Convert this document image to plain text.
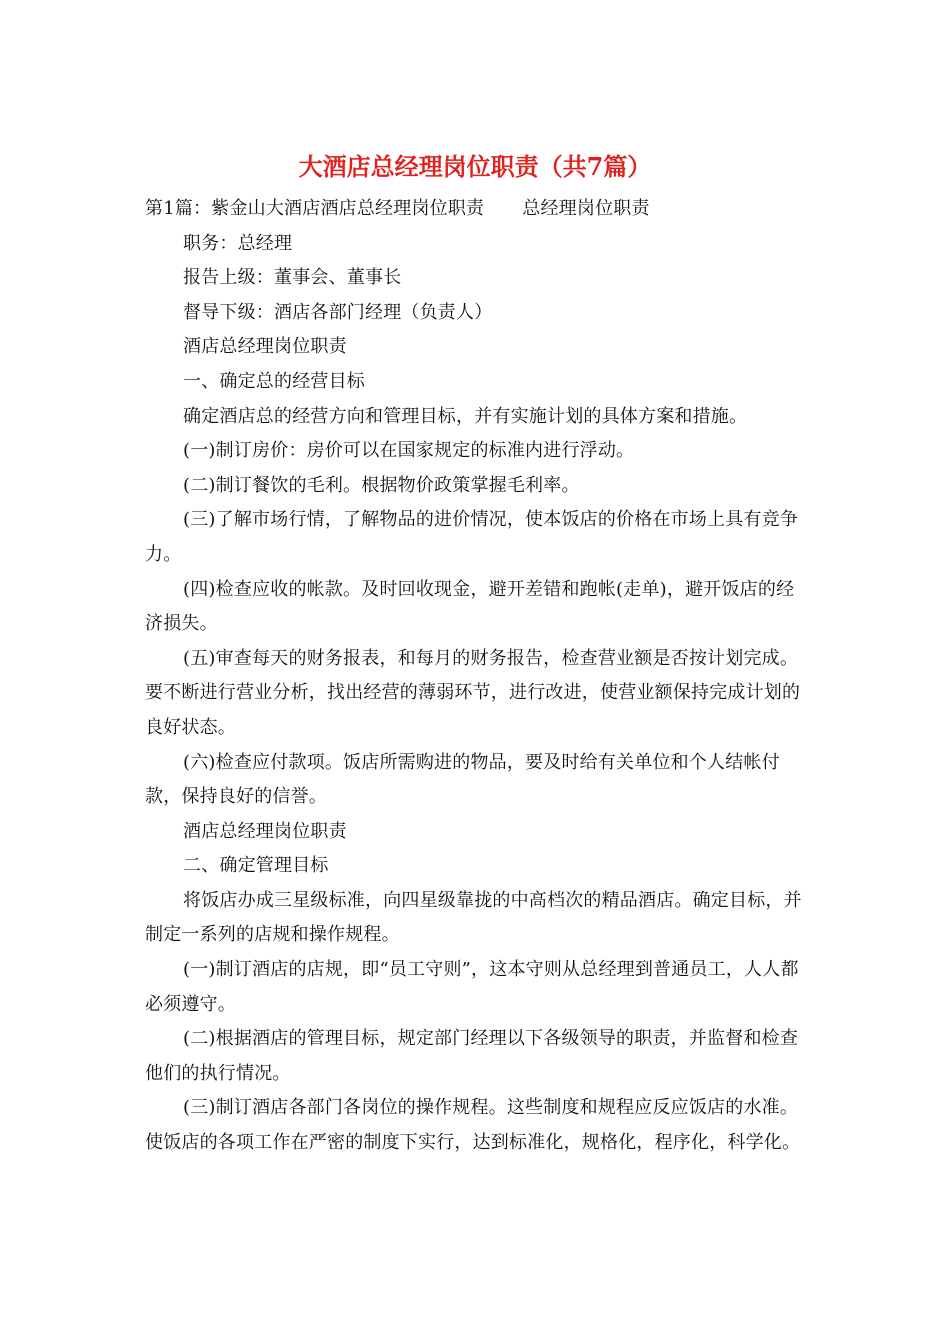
大酒店总经理岗位职责（共7篇）

第1篇：紫金山大酒店酒店总经理岗位职责 总经理岗位职责

职务：总经理

报告上级：董事会、董事长

督导下级：酒店各部门经理（负责人）

酒店总经理岗位职责

一、确定总的经营目标

确定酒店总的经营方向和管理目标，并有实施计划的具体方案和措施。

(一)制订房价：房价可以在国家规定的标准内进行浮动。

(二)制订餐饮的毛利。根据物价政策掌握毛利率。

(三)了解市场行情，了解物品的进价情况，使本饭店的价格在市场上具有竞争力。

(四)检查应收的帐款。及时回收现金，避开差错和跑帐(走单)，避开饭店的经济损失。

(五)审查每天的财务报表，和每月的财务报告，检查营业额是否按计划完成。要不断进行营业分析，找出经营的薄弱环节，进行改进，使营业额保持完成计划的良好状态。

(六)检查应付款项。饭店所需购进的物品，要及时给有关单位和个人结帐付款，保持良好的信誉。

酒店总经理岗位职责

二、确定管理目标

将饭店办成三星级标准，向四星级靠拢的中高档次的精品酒店。确定目标，并制定一系列的店规和操作规程。

(一)制订酒店的店规，即“员工守则”，这本守则从总经理到普通员工，人人都必须遵守。

(二)根据酒店的管理目标，规定部门经理以下各级领导的职责，并监督和检查他们的执行情况。

(三)制订酒店各部门各岗位的操作规程。这些制度和规程应反应饭店的水准。使饭店的各项工作在严密的制度下实行，达到标准化，规格化，程序化，科学化。
